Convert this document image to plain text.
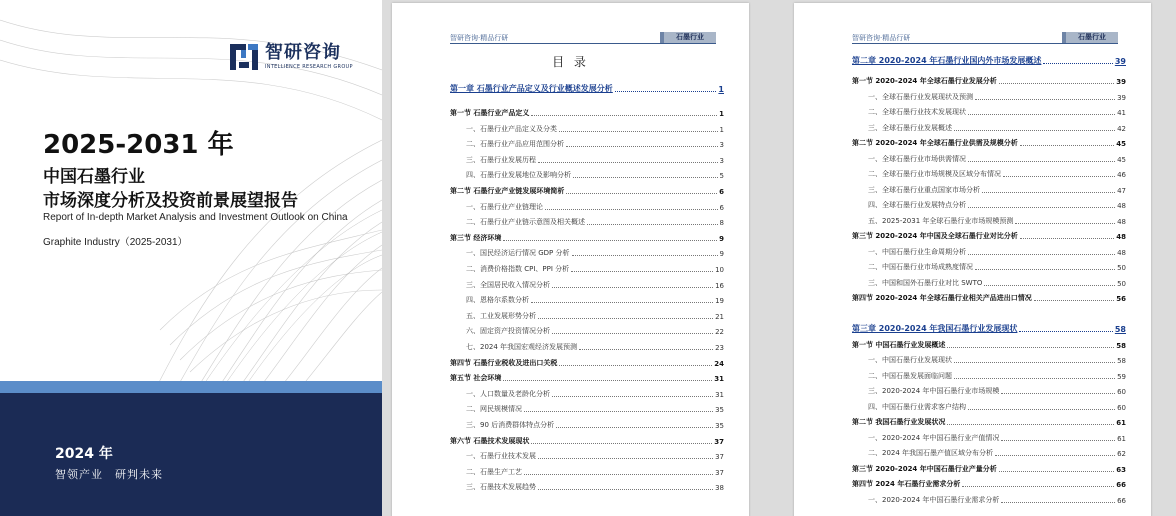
智研咨询
INTELLIENCE RESEARCH GROUP
2025-2031 年
中国石墨行业
市场深度分析及投资前景展望报告
Report of In-depth Market Analysis and Investment Outlook on China
Graphite Industry（2025-2031）
2024 年
智领产业　研判未来
智研咨询·精品行研	石墨行业
目 录
第一章 石墨行业产品定义及行业概述发展分析	1
第一节 石墨行业产品定义	1
一、石墨行业产品定义及分类	1
二、石墨行业产品应用范围分析	3
三、石墨行业发展历程	3
四、石墨行业发展地位及影响分析	5
第二节 石墨行业产业链发展环境简析	6
一、石墨行业产业链理论	6
二、石墨行业产业链示意图及相关概述	8
第三节 经济环境	9
一、国民经济运行情况 GDP 分析	9
二、消费价格指数 CPI、PPI 分析	10
三、全国居民收入情况分析	16
四、恩格尔系数分析	19
五、工业发展形势分析	21
六、固定资产投资情况分析	22
七、2024 年我国宏观经济发展预测	23
第四节 石墨行业税收及进出口关税	24
第五节 社会环境	31
一、人口数量及老龄化分析	31
二、网民规模情况	35
三、90 后消费群体特点分析	35
第六节 石墨技术发展现状	37
一、石墨行业技术发展	37
二、石墨生产工艺	37
三、石墨技术发展趋势	38
智研咨询·精品行研	石墨行业
第二章 2020-2024 年石墨行业国内外市场发展概述	39
第一节 2020-2024 年全球石墨行业发展分析	39
一、全球石墨行业发展现状及预测	39
二、全球石墨行业技术发展现状	41
三、全球石墨行业发展概述	42
第二节 2020-2024 年全球石墨行业供需及规模分析	45
一、全球石墨行业市场供需情况	45
二、全球石墨行业市场规模及区域分布情况	46
三、全球石墨行业重点国家市场分析	47
四、全球石墨行业发展特点分析	48
五、2025-2031 年全球石墨行业市场规模预测	48
第三节 2020-2024 年中国及全球石墨行业对比分析	48
一、中国石墨行业生命周期分析	48
二、中国石墨行业市场成熟度情况	50
三、中国和国外石墨行业对比 SWTO	50
第四节 2020-2024 年全球石墨行业相关产品进出口情况	56
第三章 2020-2024 年我国石墨行业发展现状	58
第一节 中国石墨行业发展概述	58
一、中国石墨行业发展现状	58
二、中国石墨发展面临问题	59
三、2020-2024 年中国石墨行业市场规模	60
四、中国石墨行业需求客户结构	60
第二节 我国石墨行业发展状况	61
一、2020-2024 年中国石墨行业产值情况	61
二、2024 年我国石墨产值区域分布分析	62
第三节 2020-2024 年中国石墨行业产量分析	63
第四节 2024 年石墨行业需求分析	66
一、2020-2024 年中国石墨行业需求分析	66
